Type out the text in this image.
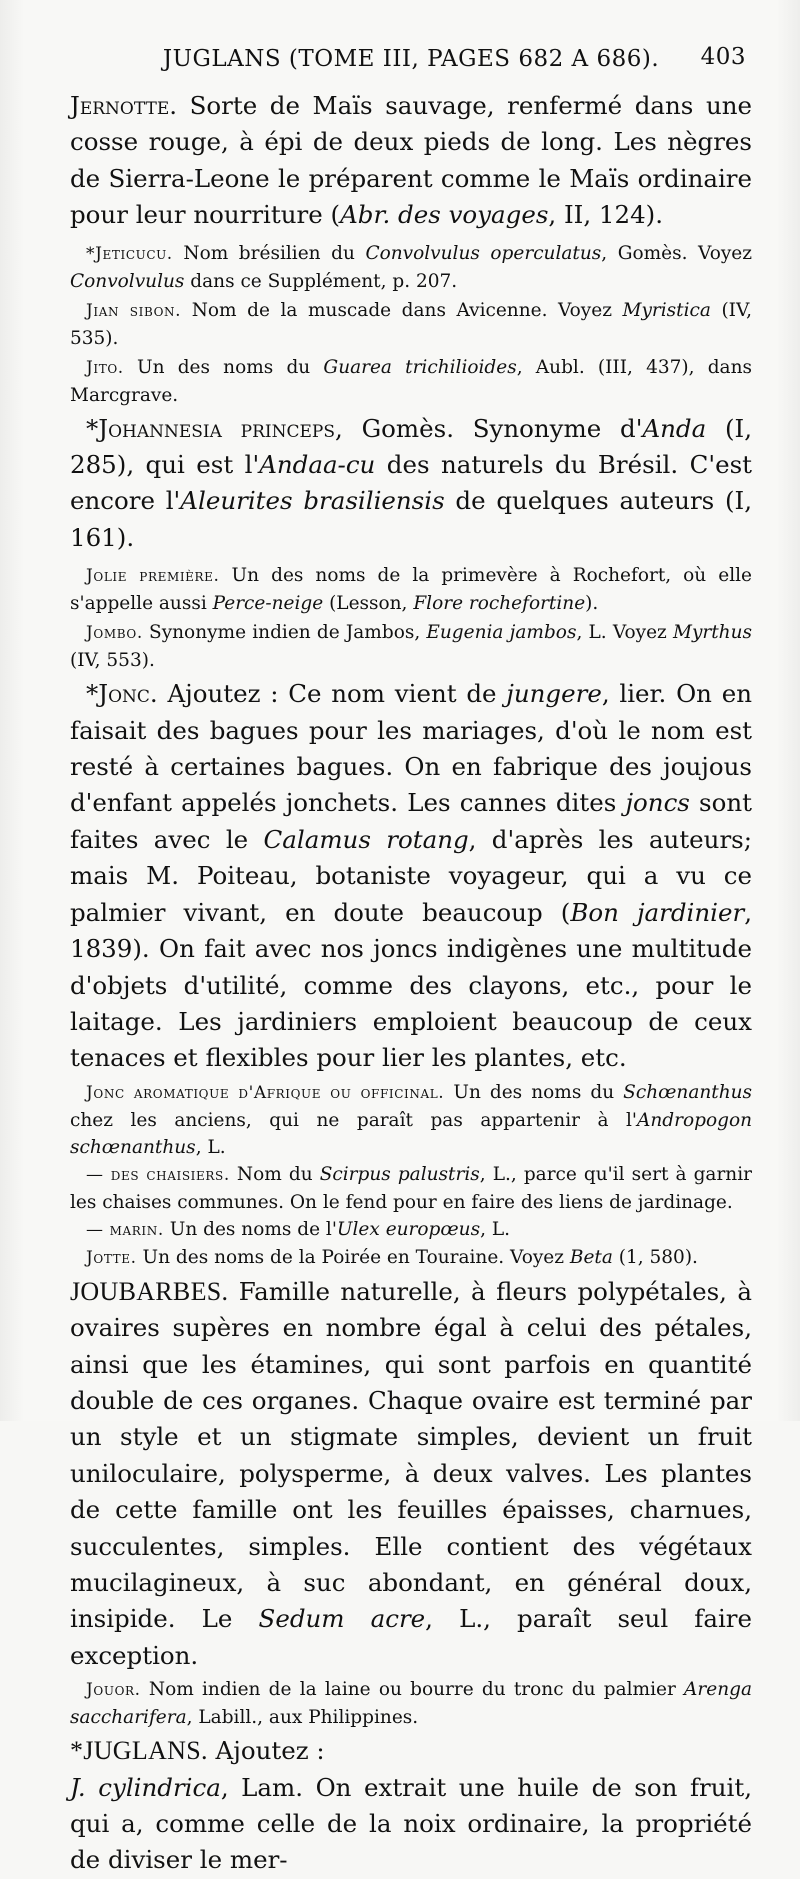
JUGLANS (TOME III, PAGES 682 A 686). 403

Jernotte. Sorte de Maïs sauvage, renfermé dans une cosse rouge, à épi de deux pieds de long. Les nègres de Sierra-Leone le préparent comme le Maïs ordinaire pour leur nourriture (Abr. des voyages, II, 124).

*Jeticucu. Nom brésilien du Convolvulus operculatus, Gomès. Voyez Convolvulus dans ce Supplément, p. 207.

Jian sibon. Nom de la muscade dans Avicenne. Voyez Myristica (IV, 535).

Jito. Un des noms du Guarea trichilioides, Aubl. (III, 437), dans Marcgrave.

*Johannesia princeps, Gomès. Synonyme d'Anda (I, 285), qui est l'Andaa-cu des naturels du Brésil. C'est encore l'Aleurites brasiliensis de quelques auteurs (I, 161).

Jolie première. Un des noms de la primevère à Rochefort, où elle s'appelle aussi Perce-neige (Lesson, Flore rochefortine).

Jombo. Synonyme indien de Jambos, Eugenia jambos, L. Voyez Myrthus (IV, 553).

*Jonc. Ajoutez : Ce nom vient de jungere, lier. On en faisait des bagues pour les mariages, d'où le nom est resté à certaines bagues. On en fabrique des joujous d'enfant appelés jonchets. Les cannes dites joncs sont faites avec le Calamus rotang, d'après les auteurs; mais M. Poiteau, botaniste voyageur, qui a vu ce palmier vivant, en doute beaucoup (Bon jardinier, 1839). On fait avec nos joncs indigènes une multitude d'objets d'utilité, comme des clayons, etc., pour le laitage. Les jardiniers emploient beaucoup de ceux tenaces et flexibles pour lier les plantes, etc.

Jonc aromatique d'Afrique ou officinal. Un des noms du Schœnanthus chez les anciens, qui ne paraît pas appartenir à l'Andropogon schœnanthus, L.

— des chaisiers. Nom du Scirpus palustris, L., parce qu'il sert à garnir les chaises communes. On le fend pour en faire des liens de jardinage.

— marin. Un des noms de l'Ulex europœus, L.

Jotte. Un des noms de la Poirée en Touraine. Voyez Beta (1, 580).

JOUBARBES. Famille naturelle, à fleurs polypétales, à ovaires supères en nombre égal à celui des pétales, ainsi que les étamines, qui sont parfois en quantité double de ces organes. Chaque ovaire est terminé par un style et un stigmate simples, devient un fruit uniloculaire, polysperme, à deux valves. Les plantes de cette famille ont les feuilles épaisses, charnues, succulentes, simples. Elle contient des végétaux mucilagineux, à suc abondant, en général doux, insipide. Le Sedum acre, L., paraît seul faire exception.

Jouor. Nom indien de la laine ou bourre du tronc du palmier Arenga saccharifera, Labill., aux Philippines.

*JUGLANS. Ajoutez :

J. cylindrica, Lam. On extrait une huile de son fruit, qui a, comme celle de la noix ordinaire, la propriété de diviser le mer-
